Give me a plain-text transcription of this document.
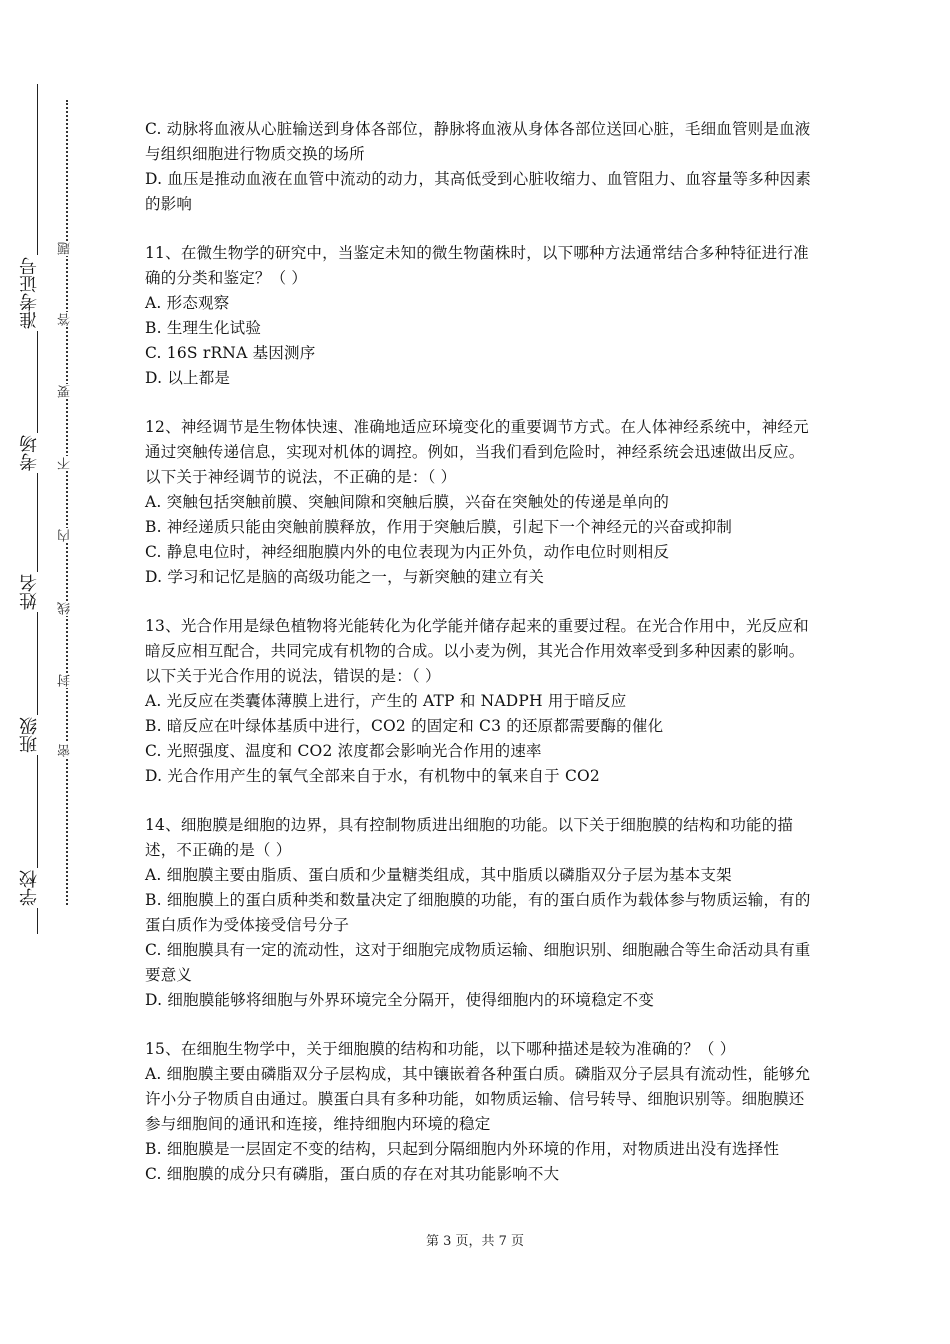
学校
班级
姓名
考场
准考证号
密
封
线
内
不
要
答
题

C. 动脉将血液从心脏输送到身体各部位，静脉将血液从身体各部位送回心脏，毛细血管则是血液与组织细胞进行物质交换的场所

D. 血压是推动血液在血管中流动的动力，其高低受到心脏收缩力、血管阻力、血容量等多种因素的影响

11、在微生物学的研究中，当鉴定未知的微生物菌株时，以下哪种方法通常结合多种特征进行准确的分类和鉴定？（ ）

A. 形态观察

B. 生理生化试验

C. 16S rRNA 基因测序

D. 以上都是

12、神经调节是生物体快速、准确地适应环境变化的重要调节方式。在人体神经系统中，神经元通过突触传递信息，实现对机体的调控。例如，当我们看到危险时，神经系统会迅速做出反应。以下关于神经调节的说法，不正确的是：（ ）

A. 突触包括突触前膜、突触间隙和突触后膜，兴奋在突触处的传递是单向的

B. 神经递质只能由突触前膜释放，作用于突触后膜，引起下一个神经元的兴奋或抑制

C. 静息电位时，神经细胞膜内外的电位表现为内正外负，动作电位时则相反

D. 学习和记忆是脑的高级功能之一，与新突触的建立有关

13、光合作用是绿色植物将光能转化为化学能并储存起来的重要过程。在光合作用中，光反应和暗反应相互配合，共同完成有机物的合成。以小麦为例，其光合作用效率受到多种因素的影响。以下关于光合作用的说法，错误的是：（ ）

A. 光反应在类囊体薄膜上进行，产生的 ATP 和 NADPH 用于暗反应

B. 暗反应在叶绿体基质中进行，CO2 的固定和 C3 的还原都需要酶的催化

C. 光照强度、温度和 CO2 浓度都会影响光合作用的速率

D. 光合作用产生的氧气全部来自于水，有机物中的氧来自于 CO2

14、细胞膜是细胞的边界，具有控制物质进出细胞的功能。以下关于细胞膜的结构和功能的描述，不正确的是（ ）

A. 细胞膜主要由脂质、蛋白质和少量糖类组成，其中脂质以磷脂双分子层为基本支架

B. 细胞膜上的蛋白质种类和数量决定了细胞膜的功能，有的蛋白质作为载体参与物质运输，有的蛋白质作为受体接受信号分子

C. 细胞膜具有一定的流动性，这对于细胞完成物质运输、细胞识别、细胞融合等生命活动具有重要意义

D. 细胞膜能够将细胞与外界环境完全分隔开，使得细胞内的环境稳定不变

15、在细胞生物学中，关于细胞膜的结构和功能，以下哪种描述是较为准确的？（ ）

A. 细胞膜主要由磷脂双分子层构成，其中镶嵌着各种蛋白质。磷脂双分子层具有流动性，能够允许小分子物质自由通过。膜蛋白具有多种功能，如物质运输、信号转导、细胞识别等。细胞膜还参与细胞间的通讯和连接，维持细胞内环境的稳定

B. 细胞膜是一层固定不变的结构，只起到分隔细胞内外环境的作用，对物质进出没有选择性

C. 细胞膜的成分只有磷脂，蛋白质的存在对其功能影响不大

第 3 页，共 7 页
